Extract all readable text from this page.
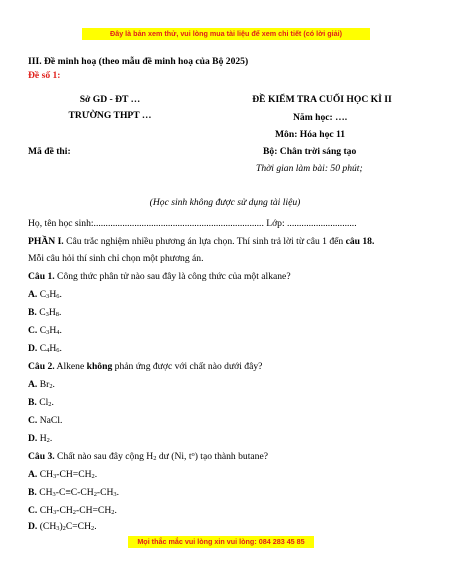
Đây là bản xem thử, vui lòng mua tài liệu để xem chi tiết (có lời giải)
III. Đề minh hoạ (theo mẫu đề minh hoạ của Bộ 2025)
Đề số 1:
Sở GD - ĐT …
TRƯỜNG THPT …
Mã đề thi:
ĐỀ KIỂM TRA CUỐI HỌC KÌ II
Năm học: ….
Môn: Hóa học 11
Bộ: Chân trời sáng tạo
Thời gian làm bài: 50 phút;
(Học sinh không được sử dụng tài liệu)
Họ, tên học sinh:....................................................................... Lớp: .............................
PHẦN I. Câu trắc nghiệm nhiều phương án lựa chọn. Thí sinh trả lời từ câu 1 đến câu 18.
Mỗi câu hỏi thí sinh chỉ chọn một phương án.
Câu 1. Công thức phân tử nào sau đây là công thức của một alkane?
A. $C_3H_6$.
B. $C_3H_8$.
C. $C_3H_4$.
D. $C_4H_6$.
Câu 2. Alkene không phản ứng được với chất nào dưới đây?
A. $Br_2$.
B. $Cl_2$.
C. NaCl.
D. $H_2$.
Câu 3. Chất nào sau đây cộng $H_2$ dư (Ni, $t^o$) tạo thành butane?
A. $CH_3-CH=CH_2$.
B. $CH_3-C\equiv C-CH_2-CH_3$.
C. $CH_3-CH_2-CH=CH_2$.
D. $(CH_3)_2C=CH_2$.
Mọi thắc mắc vui lòng xin vui lòng: 084 283 45 85
